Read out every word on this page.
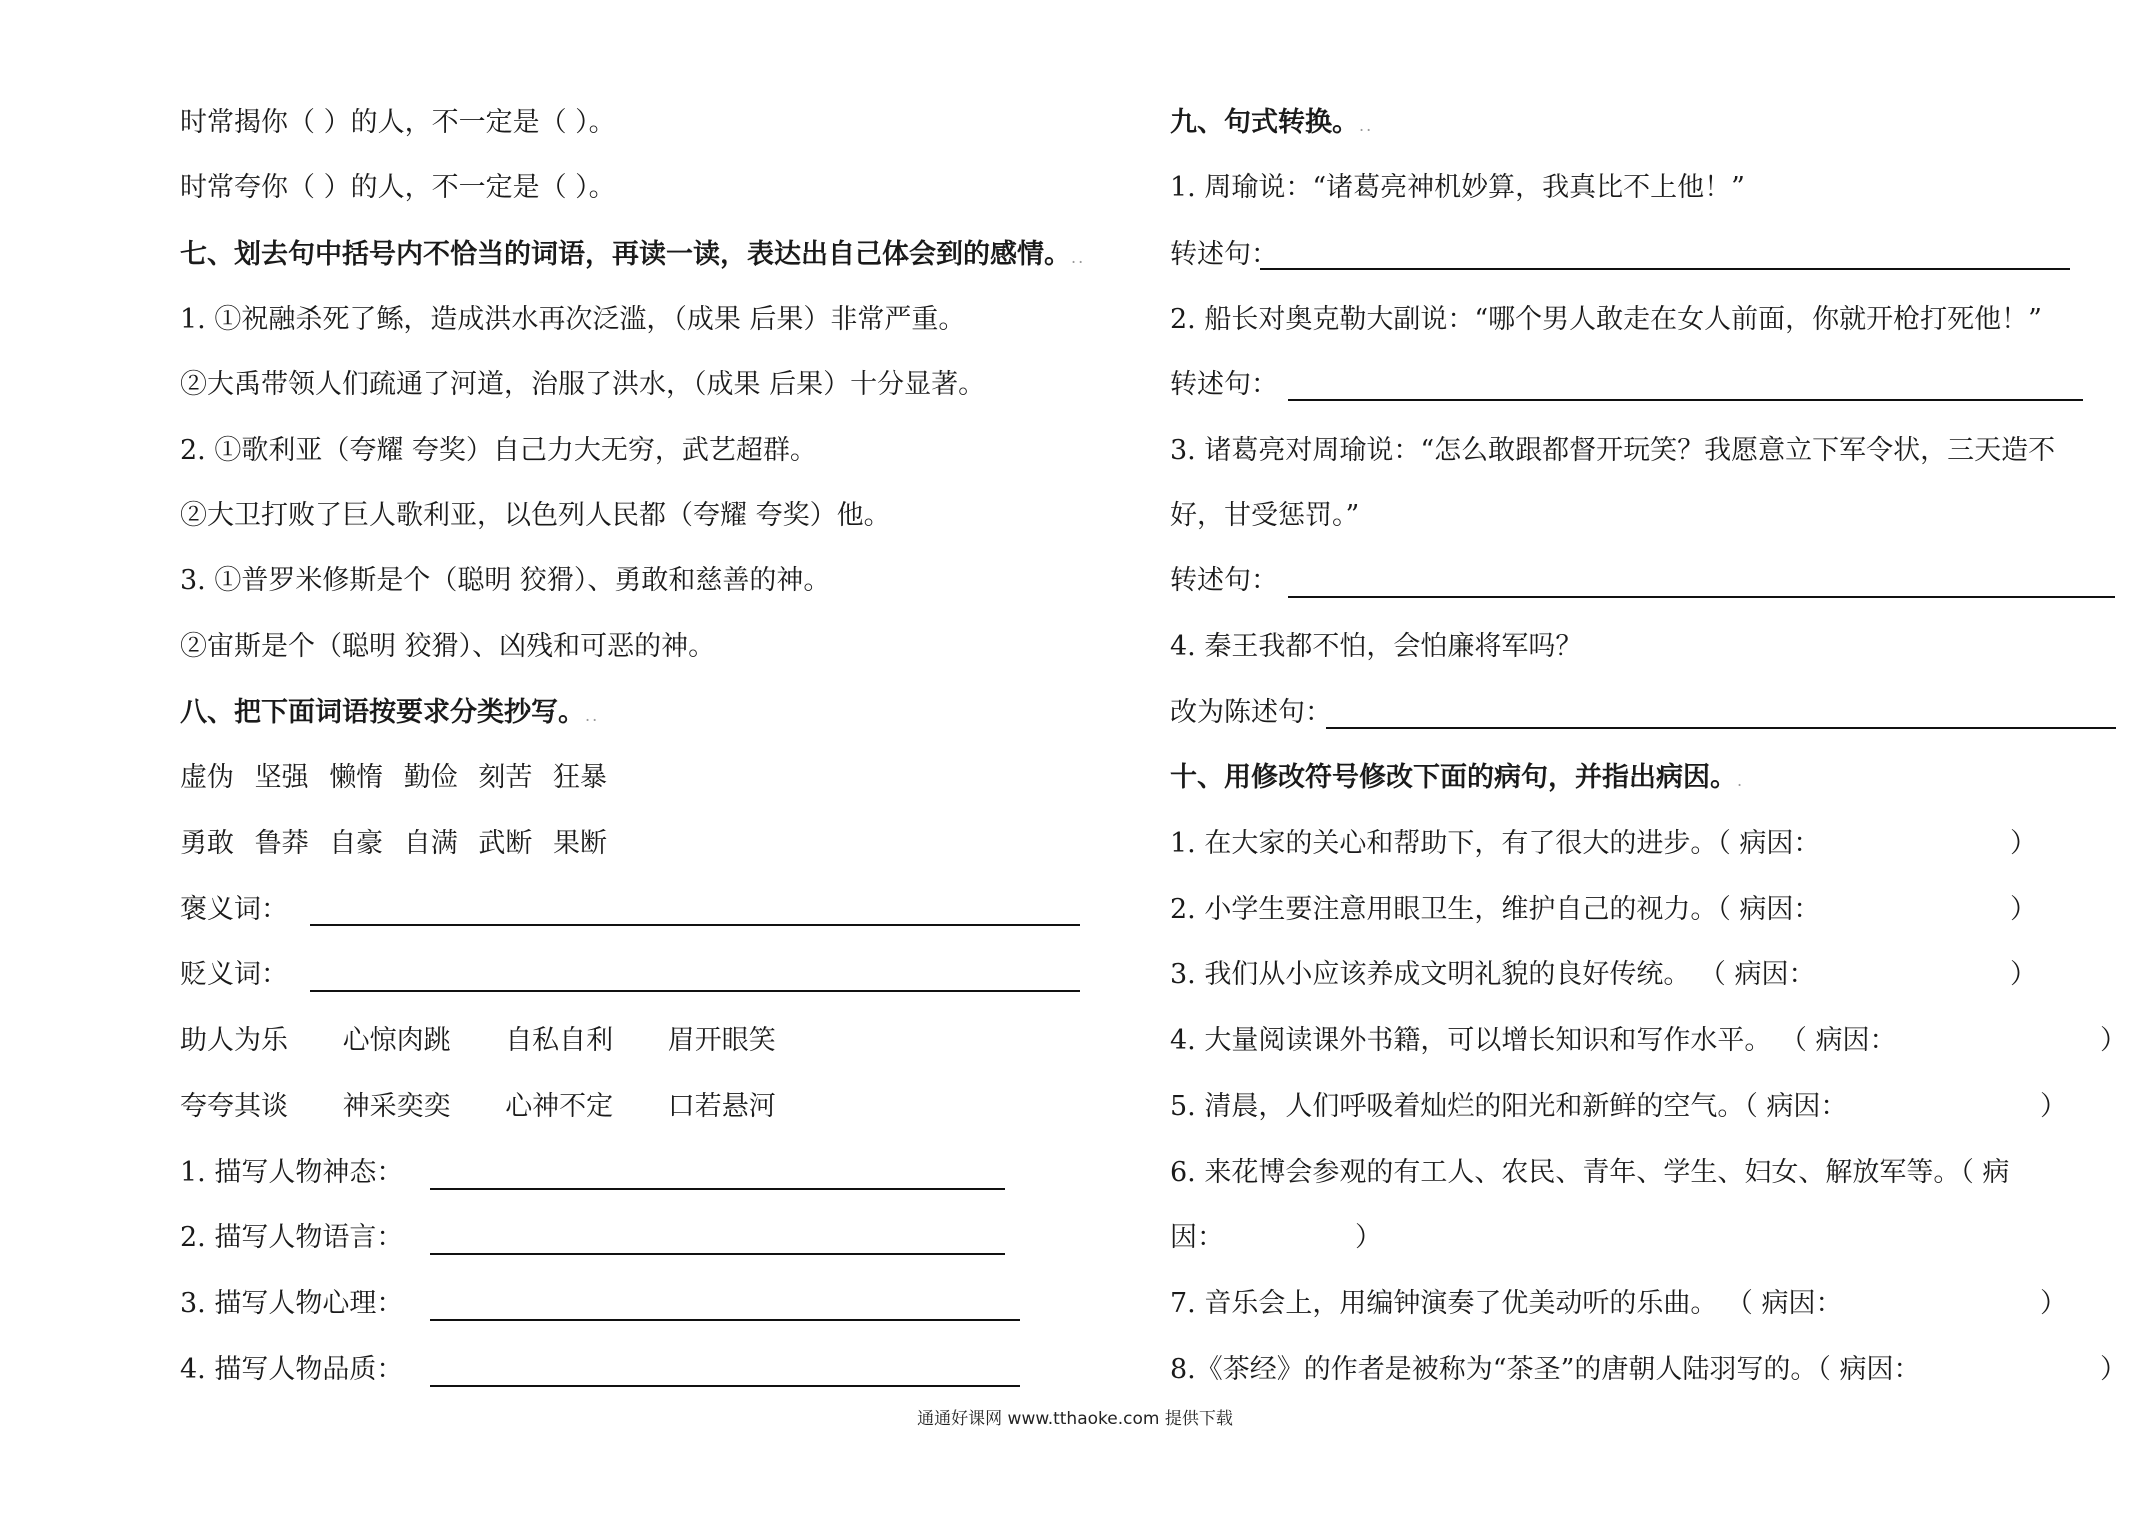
时常揭你（ ）的人，不一定是（ ）。
时常夸你（ ）的人，不一定是（ ）。
七、划去句中括号内不恰当的词语，再读一读，表达出自己体会到的感情。..
1. ①祝融杀死了鲧，造成洪水再次泛滥，（成果 后果）非常严重。
②大禹带领人们疏通了河道，治服了洪水，（成果 后果）十分显著。
2. ①歌利亚（夸耀 夸奖）自己力大无穷，武艺超群。
②大卫打败了巨人歌利亚，以色列人民都（夸耀 夸奖）他。
3. ①普罗米修斯是个（聪明 狡猾）、勇敢和慈善的神。
②宙斯是个（聪明 狡猾）、凶残和可恶的神。
八、把下面词语按要求分类抄写。..
虚伪 坚强 懒惰 勤俭 刻苦 狂暴
勇敢 鲁莽 自豪 自满 武断 果断
褒义词：
贬义词：
助人为乐 心惊肉跳 自私自利 眉开眼笑
夸夸其谈 神采奕奕 心神不定 口若悬河
1. 描写人物神态：
2. 描写人物语言：
3. 描写人物心理：
4. 描写人物品质：
九、句式转换。..
1. 周瑜说：“诸葛亮神机妙算，我真比不上他！”
转述句：
2. 船长对奥克勒大副说：“哪个男人敢走在女人前面，你就开枪打死他！”
转述句：
3. 诸葛亮对周瑜说：“怎么敢跟都督开玩笑？我愿意立下军令状，三天造不
好，甘受惩罚。”
转述句：
4. 秦王我都不怕，会怕廉将军吗？
改为陈述句：
十、用修改符号修改下面的病句，并指出病因。.
1. 在大家的关心和帮助下，有了很大的进步。（ 病因：	）
2. 小学生要注意用眼卫生，维护自己的视力。（ 病因：	）
3. 我们从小应该养成文明礼貌的良好传统。 （ 病因：	）
4. 大量阅读课外书籍，可以增长知识和写作水平。 （ 病因：	）
5. 清晨，人们呼吸着灿烂的阳光和新鲜的空气。（ 病因：	）
6. 来花博会参观的有工人、农民、青年、学生、妇女、解放军等。（ 病
因：	）
7. 音乐会上，用编钟演奏了优美动听的乐曲。 （ 病因：	）
8.《茶经》的作者是被称为“茶圣”的唐朝人陆羽写的。（ 病因：	）
通通好课网 www.tthaoke.com 提供下载
